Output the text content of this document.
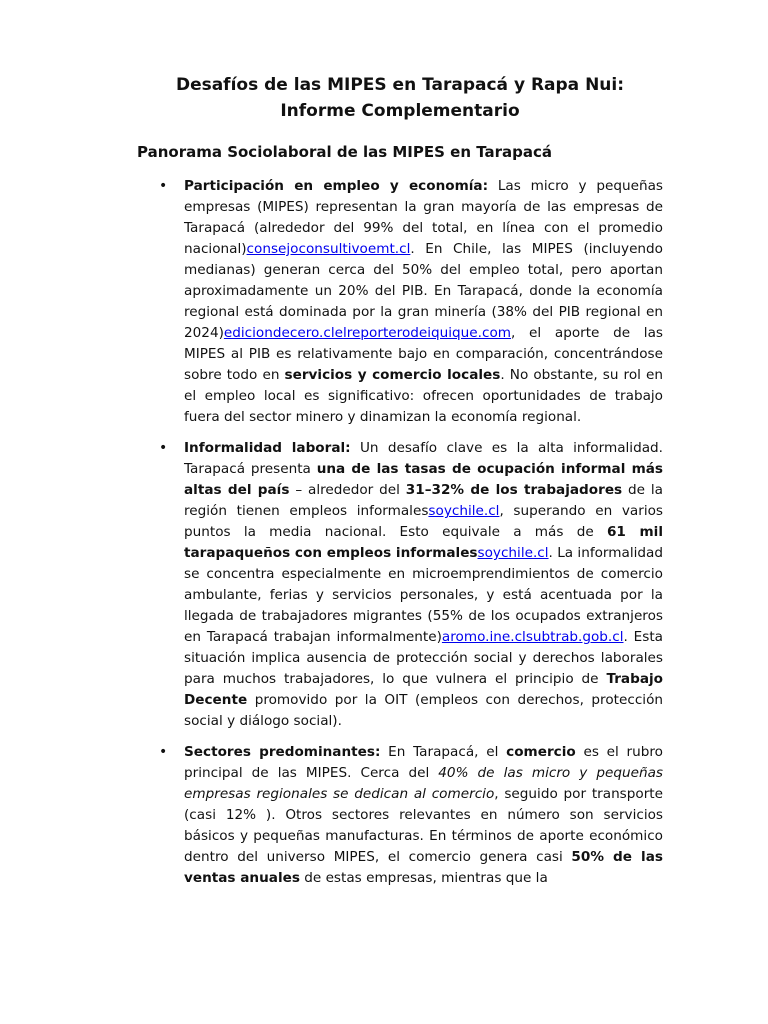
Desafíos de las MIPES en Tarapacá y Rapa Nui:
Informe Complementario
Panorama Sociolaboral de las MIPES en Tarapacá
• Participación en empleo y economía: Las micro y pequeñas empresas (MIPES) representan la gran mayoría de las empresas de Tarapacá (alrededor del 99% del total, en línea con el promedio nacional)consejoconsultivoemt.cl. En Chile, las MIPES (incluyendo medianas) generan cerca del 50% del empleo total, pero aportan aproximadamente un 20% del PIB. En Tarapacá, donde la economía regional está dominada por la gran minería (38% del PIB regional en 2024)ediciondecero.clelreporterodeiquique.com, el aporte de las MIPES al PIB es relativamente bajo en comparación, concentrándose sobre todo en servicios y comercio locales. No obstante, su rol en el empleo local es significativo: ofrecen oportunidades de trabajo fuera del sector minero y dinamizan la economía regional.
• Informalidad laboral: Un desafío clave es la alta informalidad. Tarapacá presenta una de las tasas de ocupación informal más altas del país – alrededor del 31–32% de los trabajadores de la región tienen empleos informalessoychile.cl, superando en varios puntos la media nacional. Esto equivale a más de 61 mil tarapaqueños con empleos informalessoychile.cl. La informalidad se concentra especialmente en microemprendimientos de comercio ambulante, ferias y servicios personales, y está acentuada por la llegada de trabajadores migrantes (55% de los ocupados extranjeros en Tarapacá trabajan informalmente)aromo.ine.clsubtrab.gob.cl. Esta situación implica ausencia de protección social y derechos laborales para muchos trabajadores, lo que vulnera el principio de Trabajo Decente promovido por la OIT (empleos con derechos, protección social y diálogo social).
• Sectores predominantes: En Tarapacá, el comercio es el rubro principal de las MIPES. Cerca del 40% de las micro y pequeñas empresas regionales se dedican al comercio, seguido por transporte (casi 12% ). Otros sectores relevantes en número son servicios básicos y pequeñas manufacturas. En términos de aporte económico dentro del universo MIPES, el comercio genera casi 50% de las ventas anuales de estas empresas, mientras que la
